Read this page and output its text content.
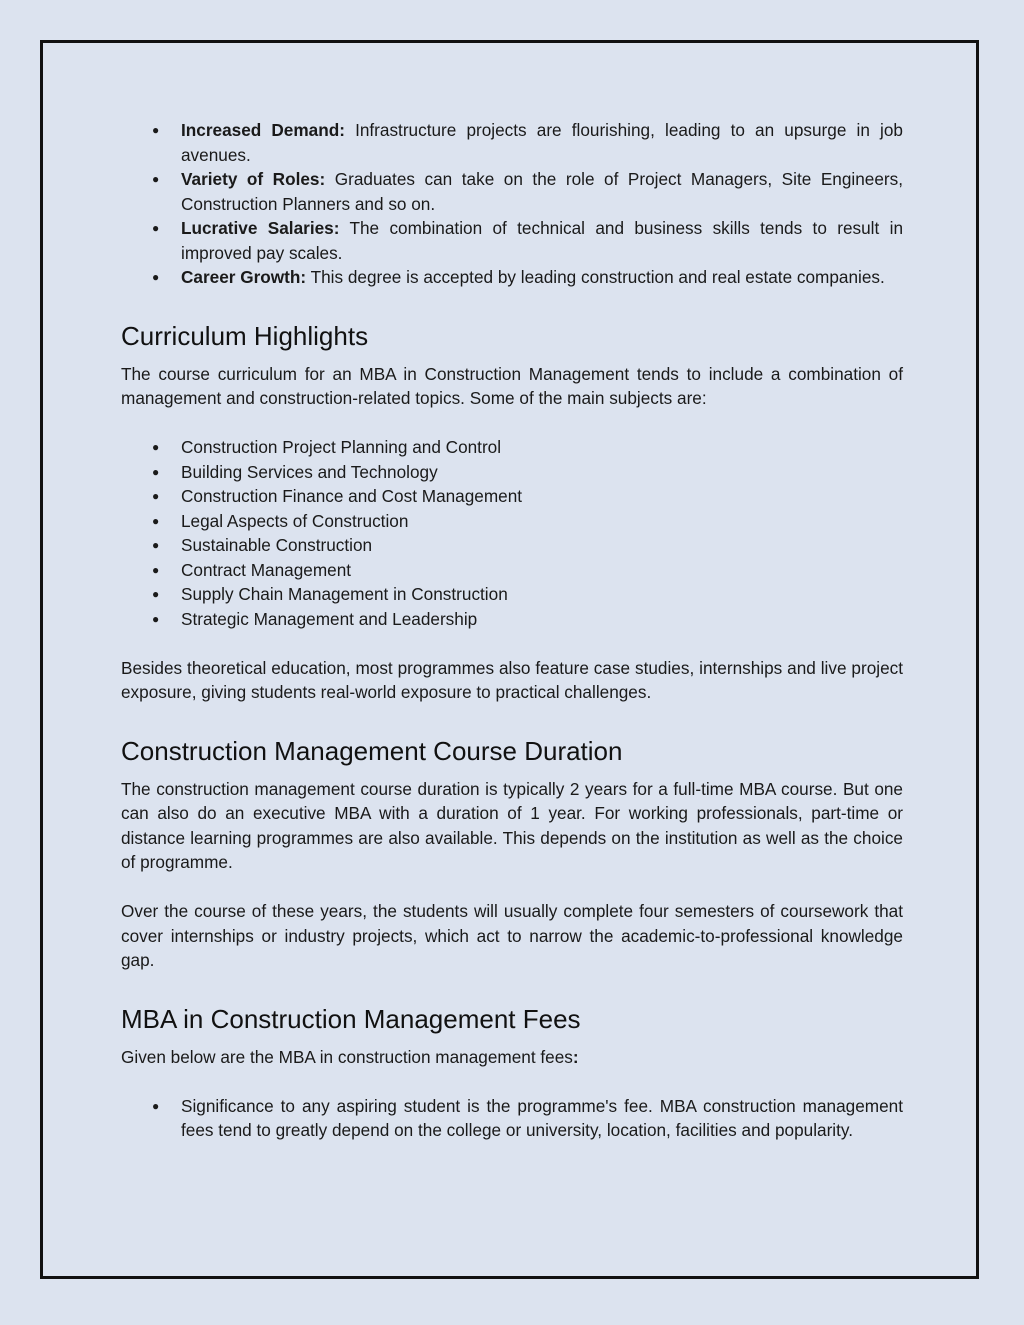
● Increased Demand: Infrastructure projects are flourishing, leading to an upsurge in job avenues.
● Variety of Roles: Graduates can take on the role of Project Managers, Site Engineers, Construction Planners and so on.
● Lucrative Salaries: The combination of technical and business skills tends to result in improved pay scales.
● Career Growth: This degree is accepted by leading construction and real estate companies.
Curriculum Highlights

The course curriculum for an MBA in Construction Management tends to include a combination of management and construction-related topics. Some of the main subjects are:

● Construction Project Planning and Control
● Building Services and Technology
● Construction Finance and Cost Management
● Legal Aspects of Construction
● Sustainable Construction
● Contract Management
● Supply Chain Management in Construction
● Strategic Management and Leadership

Besides theoretical education, most programmes also feature case studies, internships and live project exposure, giving students real-world exposure to practical challenges.

Construction Management Course Duration

The construction management course duration is typically 2 years for a full-time MBA course. But one can also do an executive MBA with a duration of 1 year. For working professionals, part-time or distance learning programmes are also available. This depends on the institution as well as the choice of programme.

Over the course of these years, the students will usually complete four semesters of coursework that cover internships or industry projects, which act to narrow the academic-to-professional knowledge gap.

MBA in Construction Management Fees

Given below are the MBA in construction management fees:

● Significance to any aspiring student is the programme's fee. MBA construction management fees tend to greatly depend on the college or university, location, facilities and popularity.
